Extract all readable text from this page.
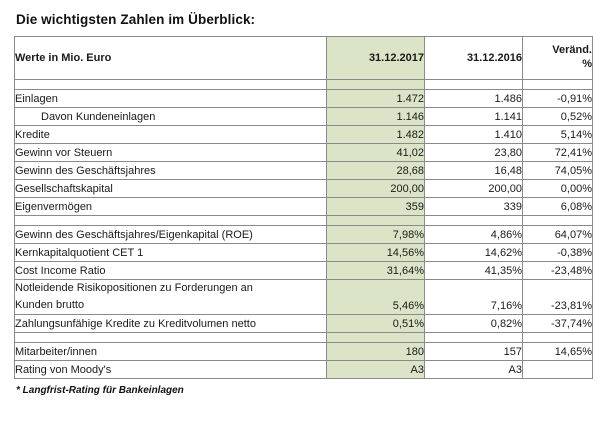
Die wichtigsten Zahlen im Überblick:
Werte in Mio. Euro	31.12.2017	31.12.2016	Veränd.
%

Einlagen	1.472	1.486	-0,91%
Davon Kundeneinlagen	1.146	1.141	0,52%
Kredite	1.482	1.410	5,14%
Gewinn vor Steuern	41,02	23,80	72,41%
Gewinn des Geschäftsjahres	28,68	16,48	74,05%
Gesellschaftskapital	200,00	200,00	0,00%
Eigenvermögen	359	339	6,08%

Gewinn des Geschäftsjahres/Eigenkapital (ROE)	7,98%	4,86%	64,07%
Kernkapitalquotient CET 1	14,56%	14,62%	-0,38%
Cost Income Ratio	31,64%	41,35%	-23,48%
Notleidende Risikopositionen zu Forderungen an			
Kunden brutto	5,46%	7,16%	-23,81%
Zahlungsunfähige Kredite zu Kreditvolumen netto	0,51%	0,82%	-37,74%

Mitarbeiter/innen	180	157	14,65%
Rating von Moody's	A3	A3	
* Langfrist-Rating für Bankeinlagen
